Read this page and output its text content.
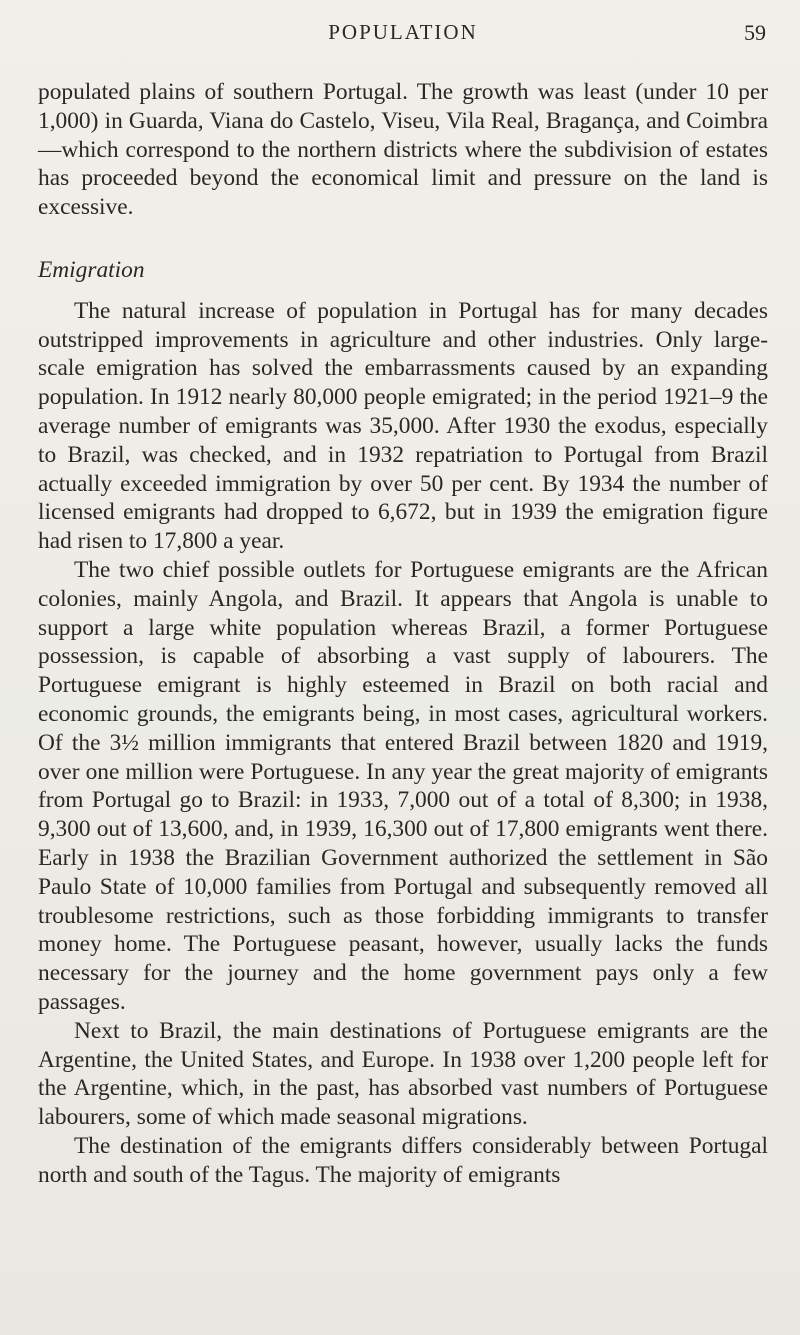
POPULATION	59

populated plains of southern Portugal. The growth was least (under 10 per 1,000) in Guarda, Viana do Castelo, Viseu, Vila Real, Bragança, and Coimbra—which correspond to the northern districts where the subdivision of estates has proceeded beyond the economical limit and pressure on the land is excessive.

Emigration

The natural increase of population in Portugal has for many decades outstripped improvements in agriculture and other industries. Only large-scale emigration has solved the embarrassments caused by an expanding population. In 1912 nearly 80,000 people emigrated; in the period 1921–9 the average number of emigrants was 35,000. After 1930 the exodus, especially to Brazil, was checked, and in 1932 repatriation to Portugal from Brazil actually exceeded immigration by over 50 per cent. By 1934 the number of licensed emigrants had dropped to 6,672, but in 1939 the emigration figure had risen to 17,800 a year.

The two chief possible outlets for Portuguese emigrants are the African colonies, mainly Angola, and Brazil. It appears that Angola is unable to support a large white population whereas Brazil, a former Portuguese possession, is capable of absorbing a vast supply of labourers. The Portuguese emigrant is highly esteemed in Brazil on both racial and economic grounds, the emigrants being, in most cases, agricultural workers. Of the 3½ million immigrants that entered Brazil between 1820 and 1919, over one million were Portuguese. In any year the great majority of emigrants from Portugal go to Brazil: in 1933, 7,000 out of a total of 8,300; in 1938, 9,300 out of 13,600, and, in 1939, 16,300 out of 17,800 emigrants went there. Early in 1938 the Brazilian Government authorized the settlement in São Paulo State of 10,000 families from Portugal and subsequently removed all troublesome restrictions, such as those forbidding immigrants to transfer money home. The Portuguese peasant, however, usually lacks the funds necessary for the journey and the home government pays only a few passages.

Next to Brazil, the main destinations of Portuguese emigrants are the Argentine, the United States, and Europe. In 1938 over 1,200 people left for the Argentine, which, in the past, has absorbed vast numbers of Portuguese labourers, some of which made seasonal migrations.

The destination of the emigrants differs considerably between Portugal north and south of the Tagus. The majority of emigrants
